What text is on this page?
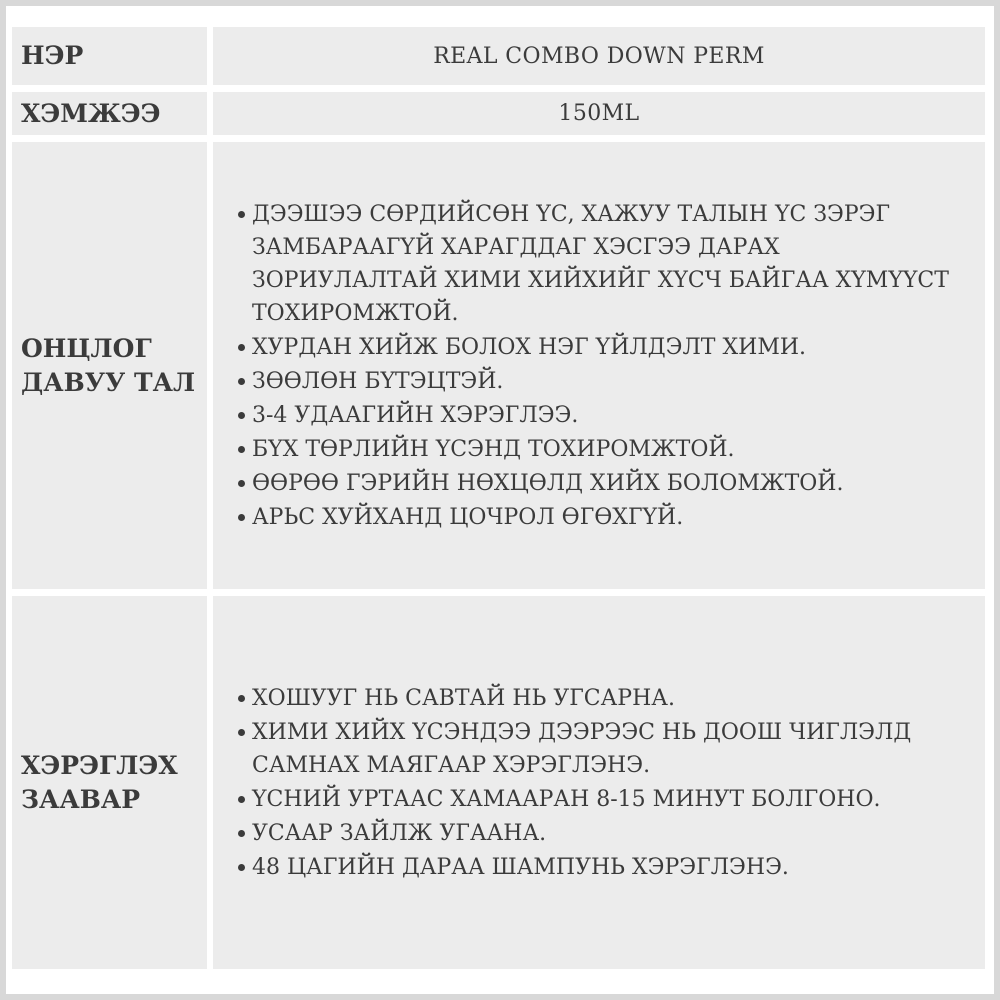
НЭР	REAL COMBO DOWN PERM
ХЭМЖЭЭ	150ML
ОНЦЛОГ ДАВУУ ТАЛ
ДЭЭШЭЭ СӨРДИЙСӨН ҮС, ХАЖУУ ТАЛЫН ҮС ЗЭРЭГ ЗАМБАРААГҮЙ ХАРАГДДАГ ХЭСГЭЭ ДАРАХ ЗОРИУЛАЛТАЙ ХИМИ ХИЙХИЙГ ХҮСЧ БАЙГАА ХҮМҮҮСТ ТОХИРОМЖТОЙ.
ХУРДАН ХИЙЖ БОЛОХ НЭГ ҮЙЛДЭЛТ ХИМИ.
ЗӨӨЛӨН БҮТЭЦТЭЙ.
3-4 УДААГИЙН ХЭРЭГЛЭЭ.
БҮХ ТӨРЛИЙН ҮСЭНД ТОХИРОМЖТОЙ.
ӨӨРӨӨ ГЭРИЙН НӨХЦӨЛД ХИЙХ БОЛОМЖТОЙ.
АРЬС ХУЙХАНД ЦОЧРОЛ ӨГӨХГҮЙ.
ХЭРЭГЛЭХ ЗААВАР
ХОШУУГ НЬ САВТАЙ НЬ УГСАРНА.
ХИМИ ХИЙХ ҮСЭНДЭЭ ДЭЭРЭЭС НЬ ДООШ ЧИГЛЭЛД САМНАХ МАЯГААР ХЭРЭГЛЭНЭ.
ҮСНИЙ УРТААС ХАМААРАН 8-15 МИНУТ БОЛГОНО.
УСААР ЗАЙЛЖ УГААНА.
48 ЦАГИЙН ДАРАА ШАМПУНЬ ХЭРЭГЛЭНЭ.
